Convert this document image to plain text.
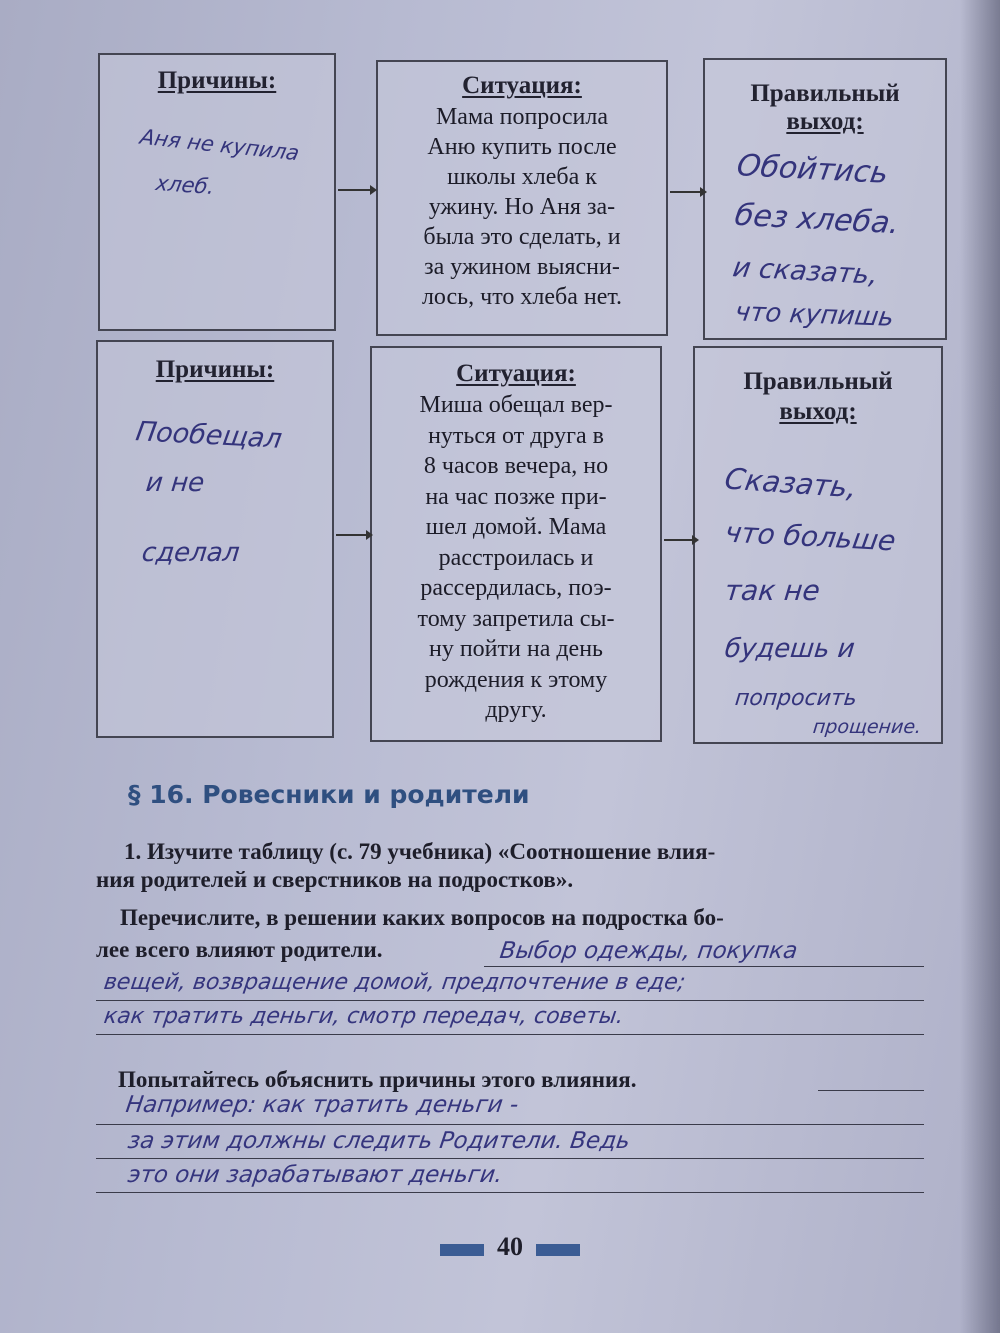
Причины:
Аня не купила
хлеб.
Ситуация:
Мама попросила
Аню купить после
школы хлеба к
ужину. Но Аня за-
была это сделать, и
за ужином выясни-
лось, что хлеба нет.
Правильный
выход:
Обойтись
без хлеба.
и сказать,
что купишь
Причины:
Пообещал
и не
сделал
Ситуация:
Миша обещал вер-
нуться от друга в
8 часов вечера, но
на час позже при-
шел домой. Мама
расстроилась и
рассердилась, поэ-
тому запретила сы-
ну пойти на день
рождения к этому
другу.
Правильный
выход:
Сказать,
что больше
так не
будешь и
попросить
прощение.
§ 16. Ровесники и родители
1. Изучите таблицу (с. 79 учебника) «Соотношение влия-
ния родителей и сверстников на подростков».
Перечислите, в решении каких вопросов на подростка бо-
лее всего влияют родители.	Выбор одежды, покупка
вещей, возвращение домой, предпочтение в еде;
как тратить деньги, смотр передач, советы.
Попытайтесь объяснить причины этого влияния.
Например: как тратить деньги -
за этим должны следить Родители. Ведь
это они зарабатывают деньги.
40
